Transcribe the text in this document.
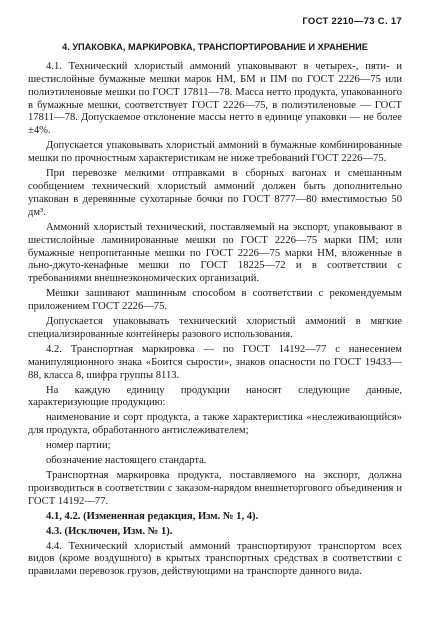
ГОСТ 2210—73 С. 17
4. УПАКОВКА, МАРКИРОВКА, ТРАНСПОРТИРОВАНИЕ И ХРАНЕНИЕ

4.1. Технический хлористый аммоний упаковывают в четырех-, пяти- и шестислойные бумажные мешки марок НМ, БМ и ПМ по ГОСТ 2226—75 или полиэтиленовые мешки по ГОСТ 17811—78. Масса нетто продукта, упакованного в бумажные мешки, соответствует ГОСТ 2226—75, в полиэтиленовые — ГОСТ 17811—78. Допускаемое отклонение массы нетто в единице упаковки — не более ±4%.

Допускается упаковывать хлористый аммоний в бумажные комбинированные мешки по прочностным характеристикам не ниже требований ГОСТ 2226—75.

При перевозке мелкими отправками в сборных вагонах и смешанным сообщением технический хлористый аммоний должен быть дополнительно упакован в деревянные сухотарные бочки по ГОСТ 8777—80 вместимостью 50 дм³.

Аммоний хлористый технический, поставляемый на экспорт, упаковывают в шестислойные ламинированные мешки по ГОСТ 2226—75 марки ПМ; или бумажные непропитанные мешки по ГОСТ 2226—75 марки НМ, вложенные в льно-джуто-кенафные мешки по ГОСТ 18225—72 и в соответствии с требованиями внешнеэкономических организаций.

Мешки зашивают машинным способом в соответствии с рекомендуемым приложением ГОСТ 2226—75.

Допускается упаковывать технический хлористый аммоний в мягкие специализированные контейнеры разового использования.

4.2. Транспортная маркировка — по ГОСТ 14192—77 с нанесением манипуляционного знака «Боится сырости», знаков опасности по ГОСТ 19433—88, класса 8, шифра группы 8113.

На каждую единицу продукции наносят следующие данные, характеризующие продукцию:

наименование и сорт продукта, а также характеристика «неслеживающийся» для продукта, обработанного антислеживателем;

номер партии;

обозначение настоящего стандарта.

Транспортная маркировка продукта, поставляемого на экспорт, должна производиться в соответствии с заказом-нарядом внешнеторгового объединения и ГОСТ 14192—77.

4.1, 4.2. (Измененная редакция, Изм. № 1, 4).

4.3. (Исключен, Изм. № 1).

4.4. Технический хлористый аммоний транспортируют транспортом всех видов (кроме воздушного) в крытых транспортных средствах в соответствии с правилами перевозок грузов, действующими на транспорте данного вида.
